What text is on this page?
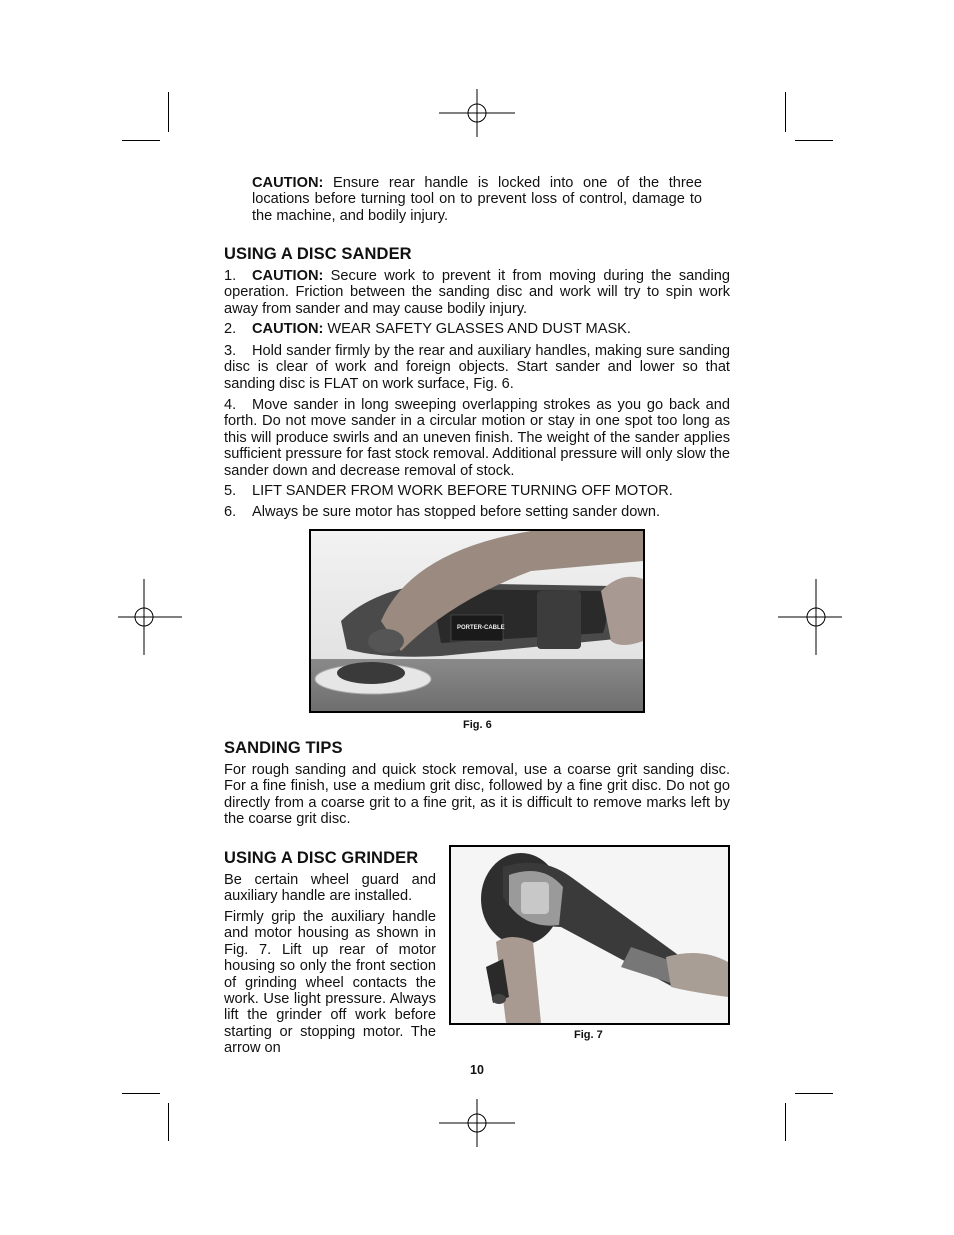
CAUTION: Ensure rear handle is locked into one of the three locations before turning tool on to prevent loss of control, damage to the machine, and bodily injury.

USING A DISC SANDER

1. CAUTION: Secure work to prevent it from moving during the sanding operation. Friction between the sanding disc and work will try to spin work away from sander and may cause bodily injury.

2. CAUTION: WEAR SAFETY GLASSES AND DUST MASK.

3. Hold sander firmly by the rear and auxiliary handles, making sure sanding disc is clear of work and foreign objects. Start sander and lower so that sanding disc is FLAT on work surface, Fig. 6.

4. Move sander in long sweeping overlapping strokes as you go back and forth. Do not move sander in a circular motion or stay in one spot too long as this will produce swirls and an uneven finish. The weight of the sander applies sufficient pressure for fast stock removal. Additional pressure will only slow the sander down and decrease removal of stock.

5. LIFT SANDER FROM WORK BEFORE TURNING OFF MOTOR.

6. Always be sure motor has stopped before setting sander down.

PORTER-CABLE
Fig. 6
SANDING TIPS

For rough sanding and quick stock removal, use a coarse grit sanding disc. For a fine finish, use a medium grit disc, followed by a fine grit disc. Do not go directly from a coarse grit to a fine grit, as it is difficult to remove marks left by the coarse grit disc.

USING A DISC GRINDER

Be certain wheel guard and auxiliary handle are installed.

Firmly grip the auxiliary handle and motor housing as shown in Fig. 7. Lift up rear of motor housing so only the front section of grinding wheel contacts the work. Use light pressure. Always lift the grinder off work before starting or stopping motor. The arrow on

Fig. 7
10
